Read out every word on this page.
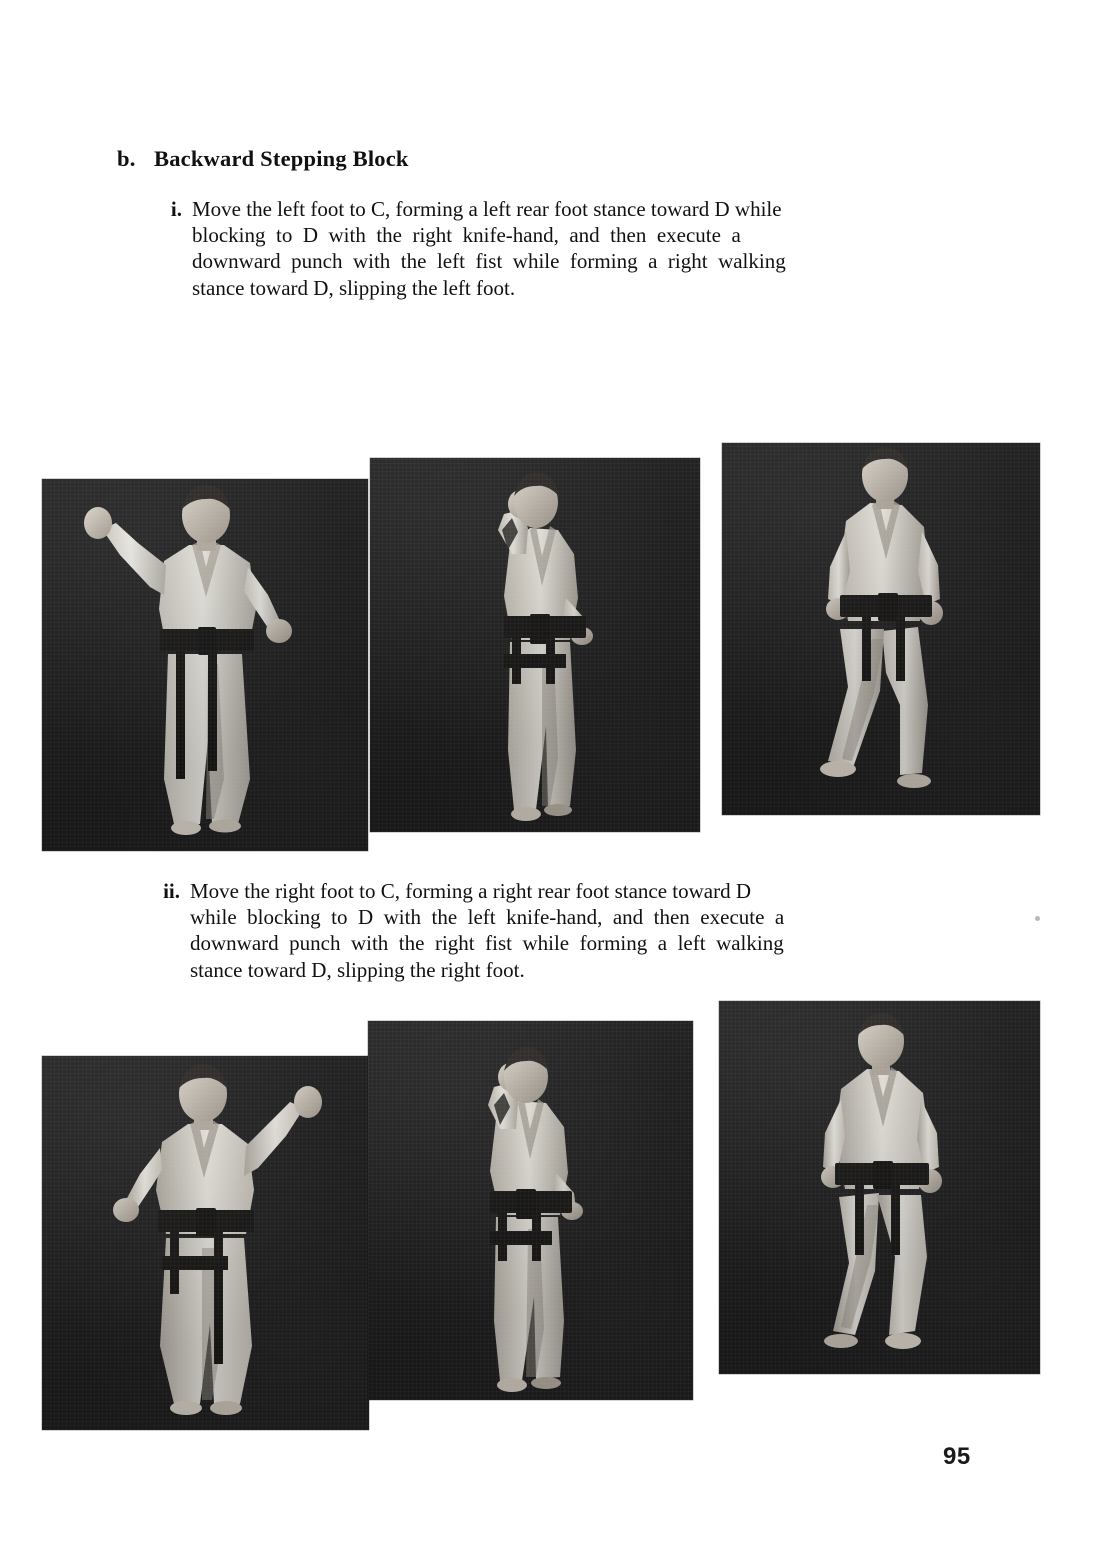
b. Backward Stepping Block
i. Move the left foot to C, forming a left rear foot stance toward D while
blocking  to  D  with  the  right  knife-hand,  and  then  execute  a
downward  punch  with  the  left  fist  while  forming  a  right  walking
stance toward D, slipping the left foot.
ii. Move the right foot to C, forming a right rear foot stance toward D
while  blocking  to  D  with  the  left  knife-hand,  and  then  execute  a
downward  punch  with  the  right  fist  while  forming  a  left  walking
stance toward D, slipping the right foot.
95
